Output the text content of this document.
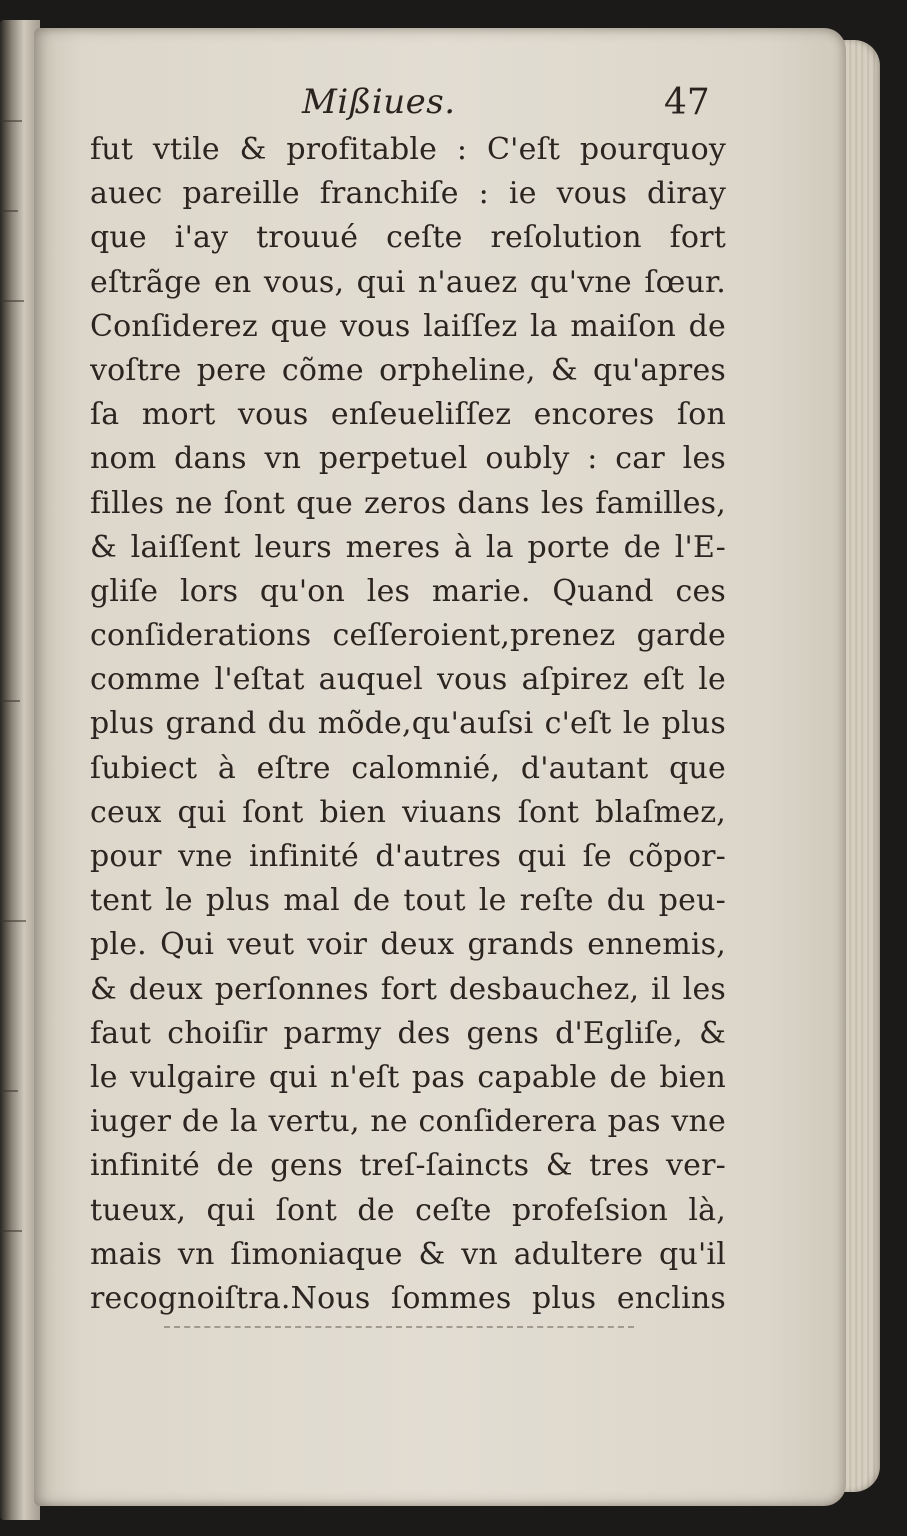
Mißiues.	47
fut vtile & profitable : C'eſt pourquoy
auec pareille franchiſe : ie vous diray
que i'ay trouué ceſte reſolution fort
eſtrãge en vous, qui n'auez qu'vne ſœur.
Conſiderez que vous laiſſez la maiſon de
voſtre pere cõme orpheline, & qu'apres
ſa mort vous enſeueliſſez encores ſon
nom dans vn perpetuel oubly : car les
filles ne ſont que zeros dans les familles,
& laiſſent leurs meres à la porte de l'E-
gliſe lors qu'on les marie. Quand ces
conſiderations ceſſeroient,prenez garde
comme l'eſtat auquel vous aſpirez eſt le
plus grand du mõde,qu'auſsi c'eſt le plus
ſubiect à eſtre calomnié, d'autant que
ceux qui ſont bien viuans ſont blaſmez,
pour vne infinité d'autres qui ſe cõpor-
tent le plus mal de tout le reſte du peu-
ple. Qui veut voir deux grands ennemis,
& deux perſonnes fort desbauchez, il les
faut choiſir parmy des gens d'Egliſe, &
le vulgaire qui n'eſt pas capable de bien
iuger de la vertu, ne conſiderera pas vne
infinité de gens treſ-ſaincts & tres ver-
tueux, qui ſont de ceſte profeſsion là,
mais vn ſimoniaque & vn adultere qu'il
recognoiſtra.Nous ſommes plus enclins
